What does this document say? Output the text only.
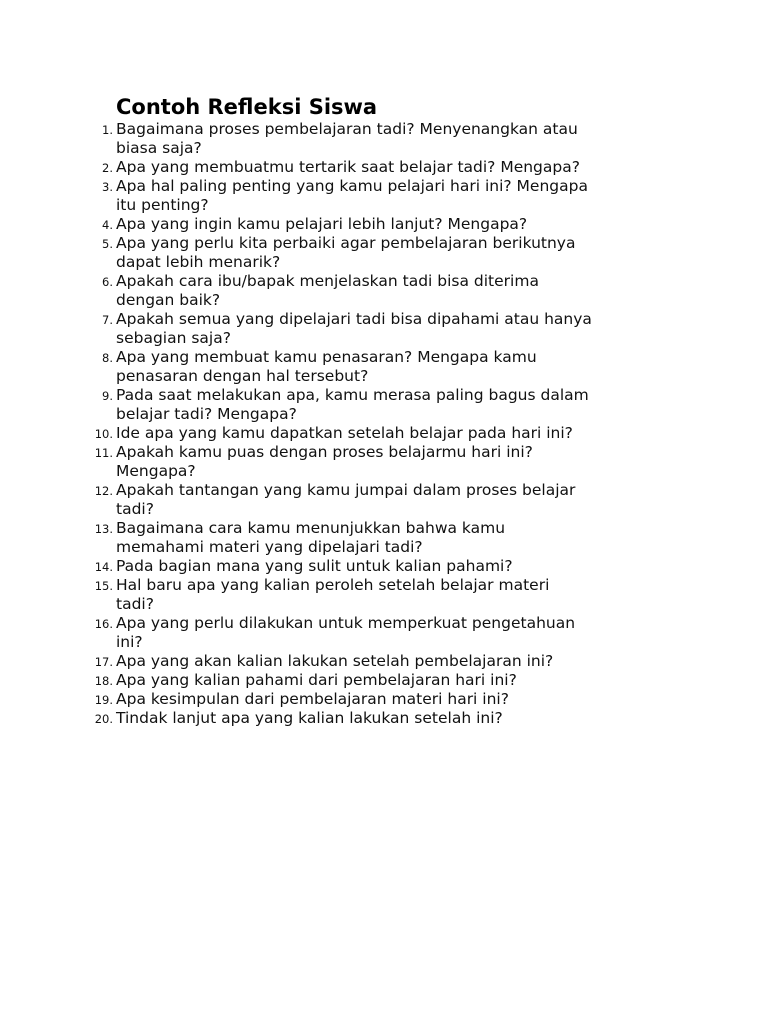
Contoh Refleksi Siswa
1. Bagaimana proses pembelajaran tadi? Menyenangkan atau
biasa saja?
2. Apa yang membuatmu tertarik saat belajar tadi? Mengapa?
3. Apa hal paling penting yang kamu pelajari hari ini? Mengapa
itu penting?
4. Apa yang ingin kamu pelajari lebih lanjut? Mengapa?
5. Apa yang perlu kita perbaiki agar pembelajaran berikutnya
dapat lebih menarik?
6. Apakah cara ibu/bapak menjelaskan tadi bisa diterima
dengan baik?
7. Apakah semua yang dipelajari tadi bisa dipahami atau hanya
sebagian saja?
8. Apa yang membuat kamu penasaran? Mengapa kamu
penasaran dengan hal tersebut?
9. Pada saat melakukan apa, kamu merasa paling bagus dalam
belajar tadi? Mengapa?
10. Ide apa yang kamu dapatkan setelah belajar pada hari ini?
11. Apakah kamu puas dengan proses belajarmu hari ini?
Mengapa?
12. Apakah tantangan yang kamu jumpai dalam proses belajar
tadi?
13. Bagaimana cara kamu menunjukkan bahwa kamu
memahami materi yang dipelajari tadi?
14. Pada bagian mana yang sulit untuk kalian pahami?
15. Hal baru apa yang kalian peroleh setelah belajar materi
tadi?
16. Apa yang perlu dilakukan untuk memperkuat pengetahuan
ini?
17. Apa yang akan kalian lakukan setelah pembelajaran ini?
18. Apa yang kalian pahami dari pembelajaran hari ini?
19. Apa kesimpulan dari pembelajaran materi hari ini?
20. Tindak lanjut apa yang kalian lakukan setelah ini?
